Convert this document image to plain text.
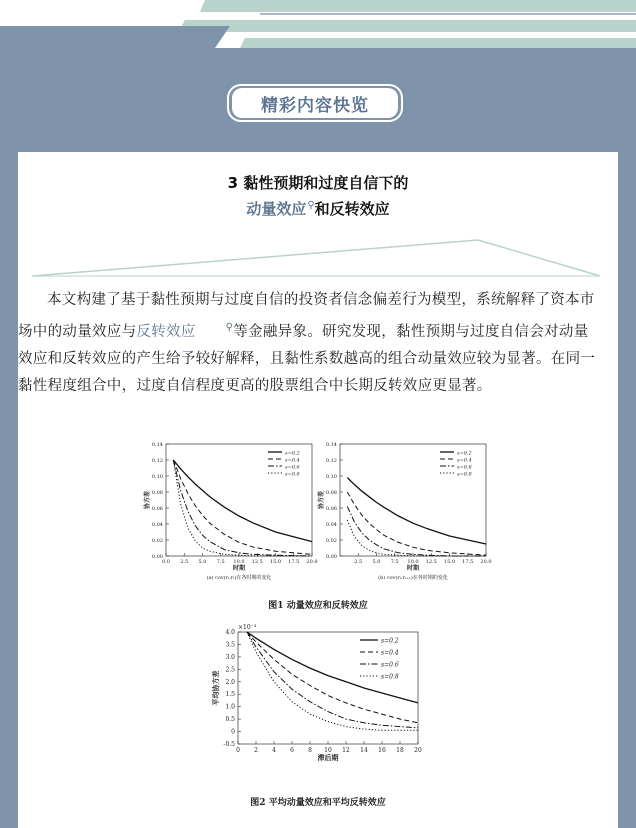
精彩内容快览
3 黏性预期和过度自信下的
动量效应⚲和反转效应
本文构建了基于黏性预期与过度自信的投资者信念偏差行为模型，系统解释了资本市场中的动量效应与反转效应	⚲等金融异象。研究发现，黏性预期与过度自信会对动量效应和反转效应的产生给予较好解释，且黏性系数越高的组合动量效应较为显著。在同一黏性程度组合中，过度自信程度更高的股票组合中长期反转效应更显著。
0.14
0.12
0.10
0.08
0.06
0.04
0.02
0.00
0.0 2.5 5.0 7.5 10.0 12.5 15.0 17.5 20.0
s=0.2
s=0.4
s=0.6
s=0.8
时期
协方差
0.14
0.12
0.10
0.08
0.06
0.04
0.02
0.00
2.5 5.0 7.5 10.0 12.5 15.0 17.5 20.0
s=0.2
s=0.4
s=0.6
s=0.8
时期
协方差
(a) cov(rₜ,rₜ)在各时期的变化	(b) cov(rₜ,rₜ₊₁)在各时期的变化
图1 动量效应和反转效应
4.0
3.5
3.0
2.5
2.0
1.5
1.0
0.5
0
-0.5
0 2 4 6 8 10 12 14 16 18 20
s=0.2
s=0.4
s=0.6
s=0.8
滞后期
平均协方差
×10⁻³
图2 平均动量效应和平均反转效应
